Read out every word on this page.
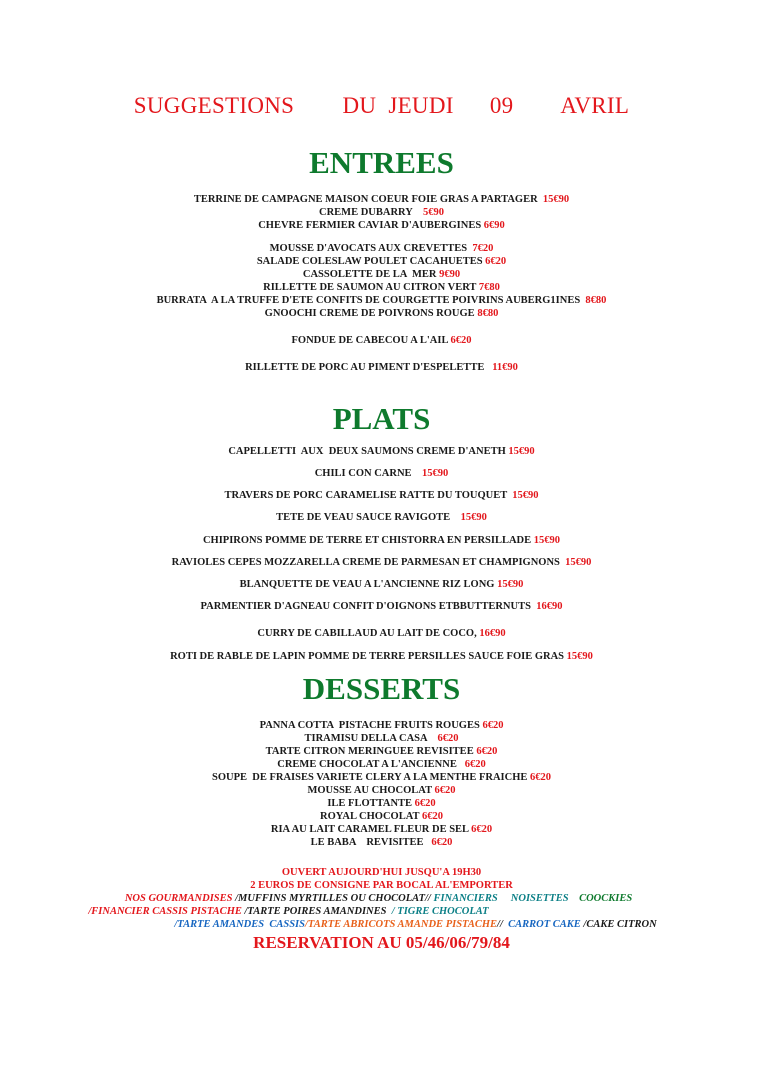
SUGGESTIONS    DU JEUDI   09    AVRIL
ENTREES
TERRINE DE CAMPAGNE MAISON COEUR FOIE GRAS A PARTAGER  15€90
CREME DUBARRY    5€90
CHEVRE FERMIER CAVIAR D'AUBERGINES 6€90
MOUSSE D'AVOCATS AUX CREVETTES  7€20
SALADE COLESLAW POULET CACAHUETES 6€20
CASSOLETTE DE LA  MER 9€90
RILLETTE DE SAUMON AU CITRON VERT 7€80
BURRATA  A LA TRUFFE D'ETE CONFITS DE COURGETTE POIVRINS AUBERG1INES  8€80
GNOOCHI CREME DE POIVRONS ROUGE 8€80
FONDUE DE CABECOU A L'AIL 6€20
RILLETTE DE PORC AU PIMENT D'ESPELETTE   11€90
PLATS
CAPELLETTI  AUX  DEUX SAUMONS CREME D'ANETH 15€90
CHILI CON CARNE    15€90
TRAVERS DE PORC CARAMELISE RATTE DU TOUQUET  15€90
TETE DE VEAU SAUCE RAVIGOTE    15€90
CHIPIRONS POMME DE TERRE ET CHISTORRA EN PERSILLADE 15€90
RAVIOLES CEPES MOZZARELLA CREME DE PARMESAN ET CHAMPIGNONS  15€90
BLANQUETTE DE VEAU A L'ANCIENNE RIZ LONG 15€90
PARMENTIER D'AGNEAU CONFIT D'OIGNONS ETBBUTTERNUTS  16€90
CURRY DE CABILLAUD AU LAIT DE COCO, 16€90
ROTI DE RABLE DE LAPIN POMME DE TERRE PERSILLES SAUCE FOIE GRAS 15€90
DESSERTS
PANNA COTTA  PISTACHE FRUITS ROUGES 6€20
TIRAMISU DELLA CASA    6€20
TARTE CITRON MERINGUEE REVISITEE 6€20
CREME CHOCOLAT A L'ANCIENNE   6€20
SOUPE  DE FRAISES VARIETE CLERY A LA MENTHE FRAICHE 6€20
MOUSSE AU CHOCOLAT 6€20
ILE FLOTTANTE 6€20
ROYAL CHOCOLAT 6€20
RIA AU LAIT CARAMEL FLEUR DE SEL 6€20
LE BABA    REVISITEE   6€20
OUVERT AUJOURD'HUI JUSQU'A 19H30
2 EUROS DE CONSIGNE PAR BOCAL AL'EMPORTER
NOS GOURMANDISES /MUFFINS MYRTILLES OU CHOCOLAT// FINANCIERS     NOISETTES    COOCKIES
/FINANCIER CASSIS PISTACHE /TARTE POIRES AMANDINES  / TIGRE CHOCOLAT
/TARTE AMANDES  CASSIS/TARTE ABRICOTS AMANDE PISTACHE//  CARROT CAKE /CAKE CITRON
RESERVATION AU 05/46/06/79/84
